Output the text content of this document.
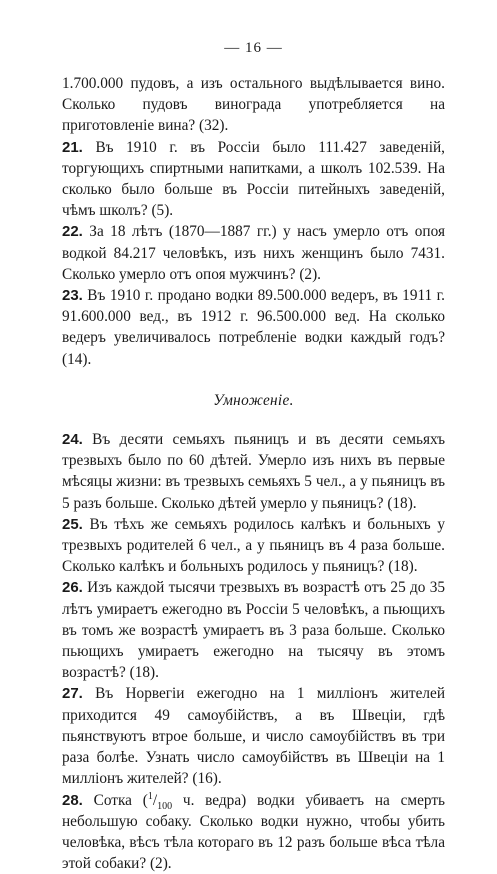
— 16 —

1.700.000 пудовъ, а изъ остального выдѣлывается вино. Сколько пудовъ винограда употребляется на приготовленіе вина? (32).

21. Въ 1910 г. въ Россіи было 111.427 заведеній, торгующихъ спиртными напитками, а школъ 102.539. На сколько было больше въ Россіи питейныхъ заведеній, чѣмъ школъ? (5).

22. За 18 лѣтъ (1870—1887 гг.) у насъ умерло отъ опоя водкой 84.217 человѣкъ, изъ нихъ женщинъ было 7431. Сколько умерло отъ опоя мужчинъ? (2).

23. Въ 1910 г. продано водки 89.500.000 ведеръ, въ 1911 г. 91.600.000 вед., въ 1912 г. 96.500.000 вед. На сколько ведеръ увеличивалось потребленіе водки каждый годъ? (14).

Умноженіе.

24. Въ десяти семьяхъ пьяницъ и въ десяти семьяхъ трезвыхъ было по 60 дѣтей. Умерло изъ нихъ въ первые мѣсяцы жизни: въ трезвыхъ семьяхъ 5 чел., а у пьяницъ въ 5 разъ больше. Сколько дѣтей умерло у пьяницъ? (18).

25. Въ тѣхъ же семьяхъ родилось калѣкъ и больныхъ у трезвыхъ родителей 6 чел., а у пьяницъ въ 4 раза больше. Сколько калѣкъ и больныхъ родилось у пьяницъ? (18).

26. Изъ каждой тысячи трезвыхъ въ возрастѣ отъ 25 до 35 лѣтъ умираетъ ежегодно въ Россіи 5 человѣкъ, а пьющихъ въ томъ же возрастѣ умираетъ въ 3 раза больше. Сколько пьющихъ умираетъ ежегодно на тысячу въ этомъ возрастѣ? (18).

27. Въ Норвегіи ежегодно на 1 милліонъ жителей приходится 49 самоубійствъ, а въ Швеціи, гдѣ пьянствуютъ втрое больше, и число самоубійствъ въ три раза болѣе. Узнать число самоубійствъ въ Швеціи на 1 милліонъ жителей? (16).

28. Сотка ($^1/_{100}$ ч. ведра) водки убиваетъ на смерть небольшую собаку. Сколько водки нужно, чтобы убить человѣка, вѣсъ тѣла котораго въ 12 разъ больше вѣса тѣла этой собаки? (2).
